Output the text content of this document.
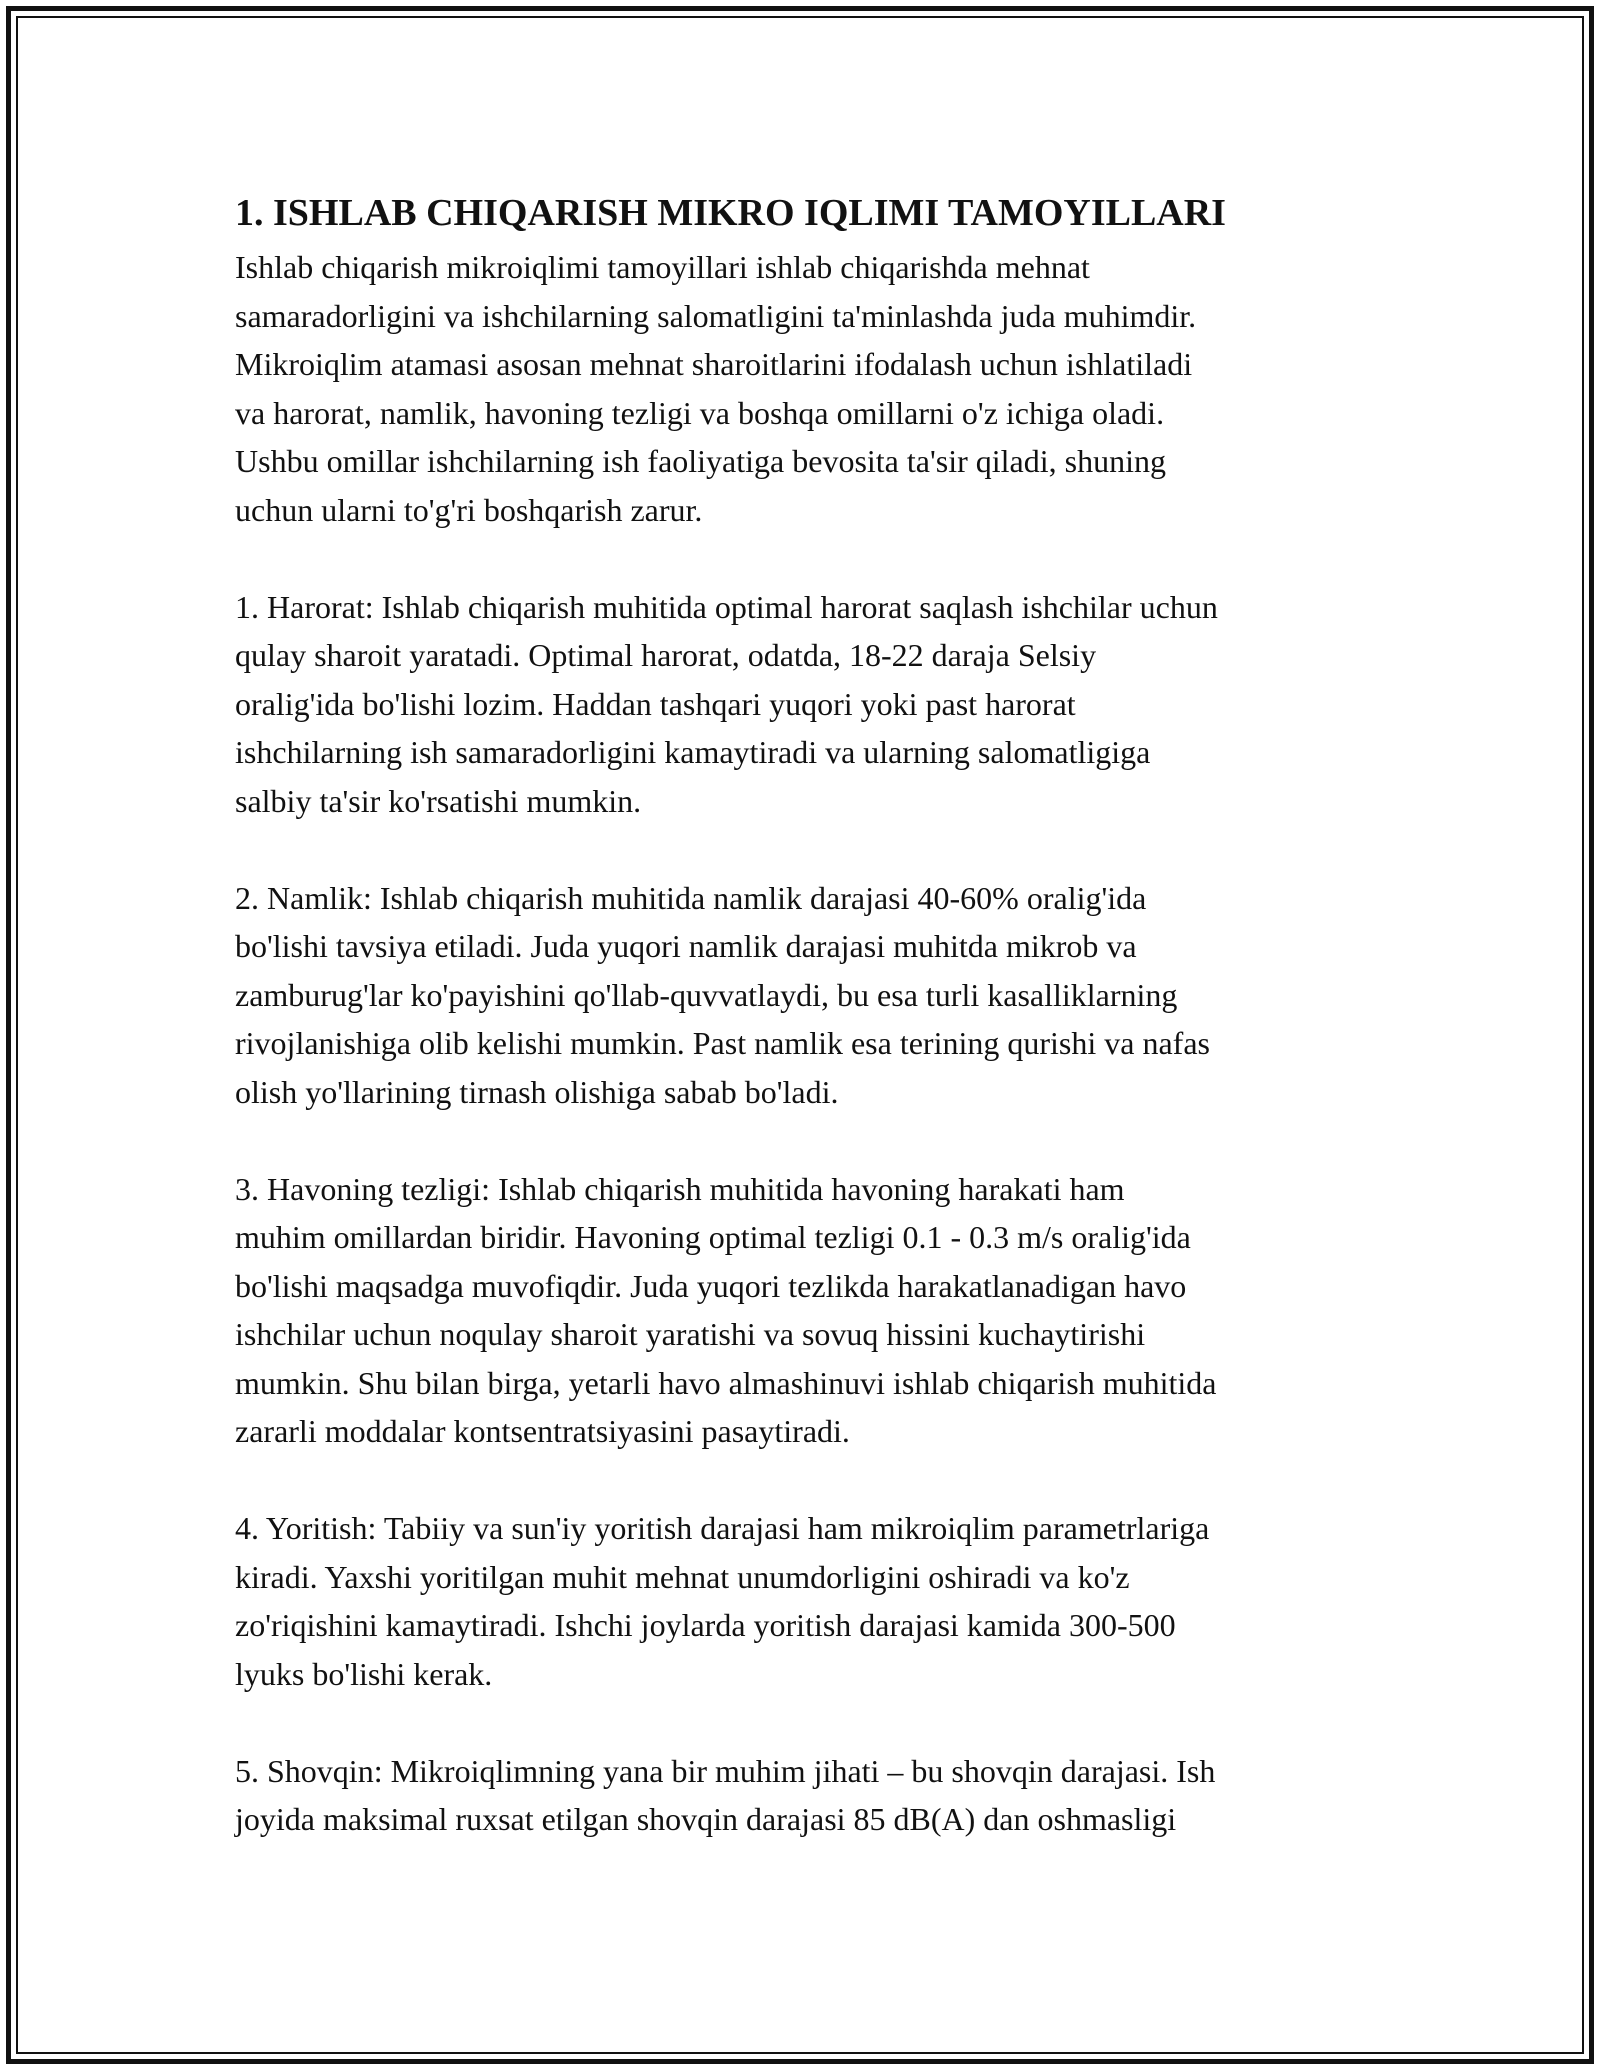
1. ISHLAB CHIQARISH MIKRO IQLIMI TAMOYILLARI

Ishlab chiqarish mikroiqlimi tamoyillari ishlab chiqarishda mehnat
samaradorligini va ishchilarning salomatligini ta'minlashda juda muhimdir.
Mikroiqlim atamasi asosan mehnat sharoitlarini ifodalash uchun ishlatiladi
va harorat, namlik, havoning tezligi va boshqa omillarni o'z ichiga oladi.
Ushbu omillar ishchilarning ish faoliyatiga bevosita ta'sir qiladi, shuning
uchun ularni to'g'ri boshqarish zarur.

1. Harorat: Ishlab chiqarish muhitida optimal harorat saqlash ishchilar uchun
qulay sharoit yaratadi. Optimal harorat, odatda, 18-22 daraja Selsiy
oralig'ida bo'lishi lozim. Haddan tashqari yuqori yoki past harorat
ishchilarning ish samaradorligini kamaytiradi va ularning salomatligiga
salbiy ta'sir ko'rsatishi mumkin.

2. Namlik: Ishlab chiqarish muhitida namlik darajasi 40-60% oralig'ida
bo'lishi tavsiya etiladi. Juda yuqori namlik darajasi muhitda mikrob va
zamburug'lar ko'payishini qo'llab-quvvatlaydi, bu esa turli kasalliklarning
rivojlanishiga olib kelishi mumkin. Past namlik esa terining qurishi va nafas
olish yo'llarining tirnash olishiga sabab bo'ladi.

3. Havoning tezligi: Ishlab chiqarish muhitida havoning harakati ham
muhim omillardan biridir. Havoning optimal tezligi 0.1 - 0.3 m/s oralig'ida
bo'lishi maqsadga muvofiqdir. Juda yuqori tezlikda harakatlanadigan havo
ishchilar uchun noqulay sharoit yaratishi va sovuq hissini kuchaytirishi
mumkin. Shu bilan birga, yetarli havo almashinuvi ishlab chiqarish muhitida
zararli moddalar kontsentratsiyasini pasaytiradi.

4. Yoritish: Tabiiy va sun'iy yoritish darajasi ham mikroiqlim parametrlariga
kiradi. Yaxshi yoritilgan muhit mehnat unumdorligini oshiradi va ko'z
zo'riqishini kamaytiradi. Ishchi joylarda yoritish darajasi kamida 300-500
lyuks bo'lishi kerak.

5. Shovqin: Mikroiqlimning yana bir muhim jihati – bu shovqin darajasi. Ish
joyida maksimal ruxsat etilgan shovqin darajasi 85 dB(A) dan oshmasligi
